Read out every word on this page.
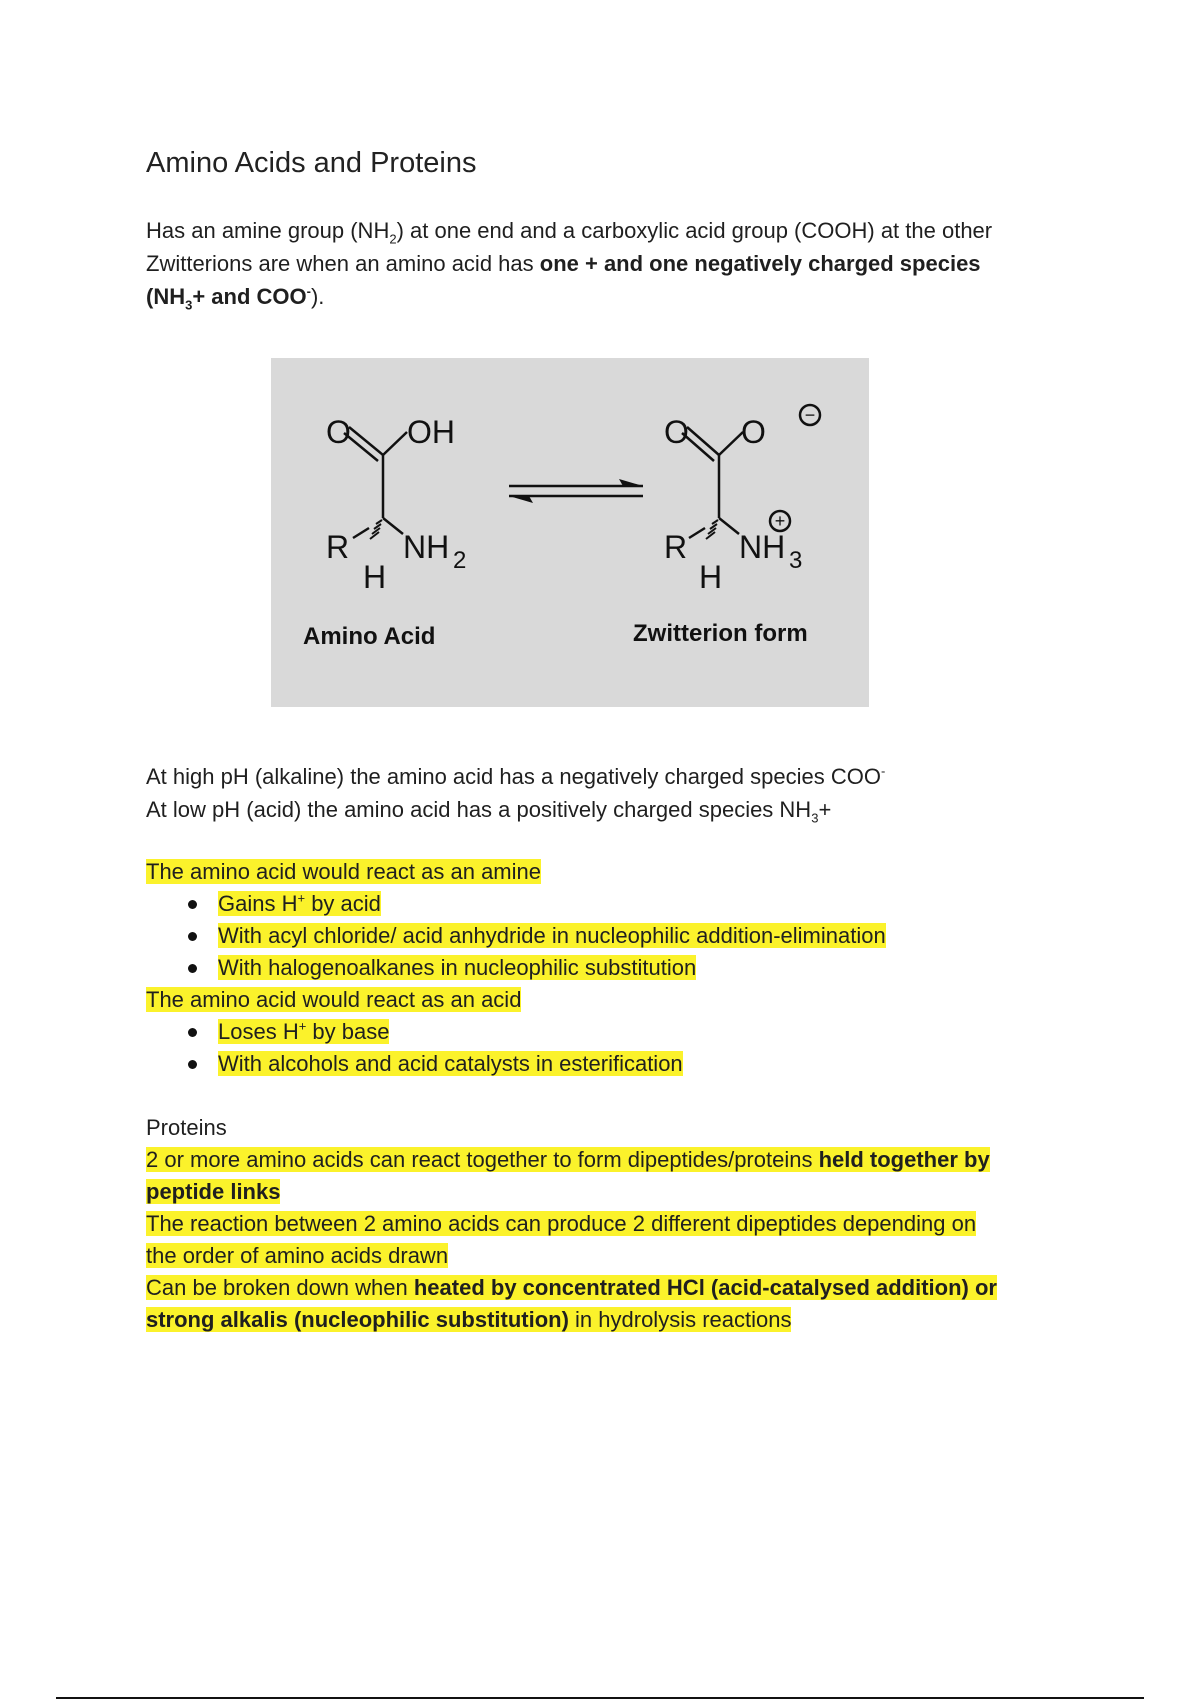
Amino Acids and Proteins

Has an amine group $(NH_2)$ at one end and a carboxylic acid group (COOH) at the other
Zwitterions are when an amino acid has one + and one negatively charged species
($NH_3+$ and COO-).

O OH
R
H
NH 2
O O
R
H
NH 3
−
+
Amino Acid	Zwitterion form

At high pH (alkaline) the amino acid has a negatively charged species COO-
At low pH (acid) the amino acid has a positively charged species $NH_3+$

The amino acid would react as an amine
Gains H+ by acid
With acyl chloride/ acid anhydride in nucleophilic addition-elimination
With halogenoalkanes in nucleophilic substitution
The amino acid would react as an acid
Loses H+ by base
With alcohols and acid catalysts in esterification
Proteins

2 or more amino acids can react together to form dipeptides/proteins held together by
peptide links
The reaction between 2 amino acids can produce 2 different dipeptides depending on
the order of amino acids drawn
Can be broken down when heated by concentrated HCl (acid-catalysed addition) or
strong alkalis (nucleophilic substitution) in hydrolysis reactions
